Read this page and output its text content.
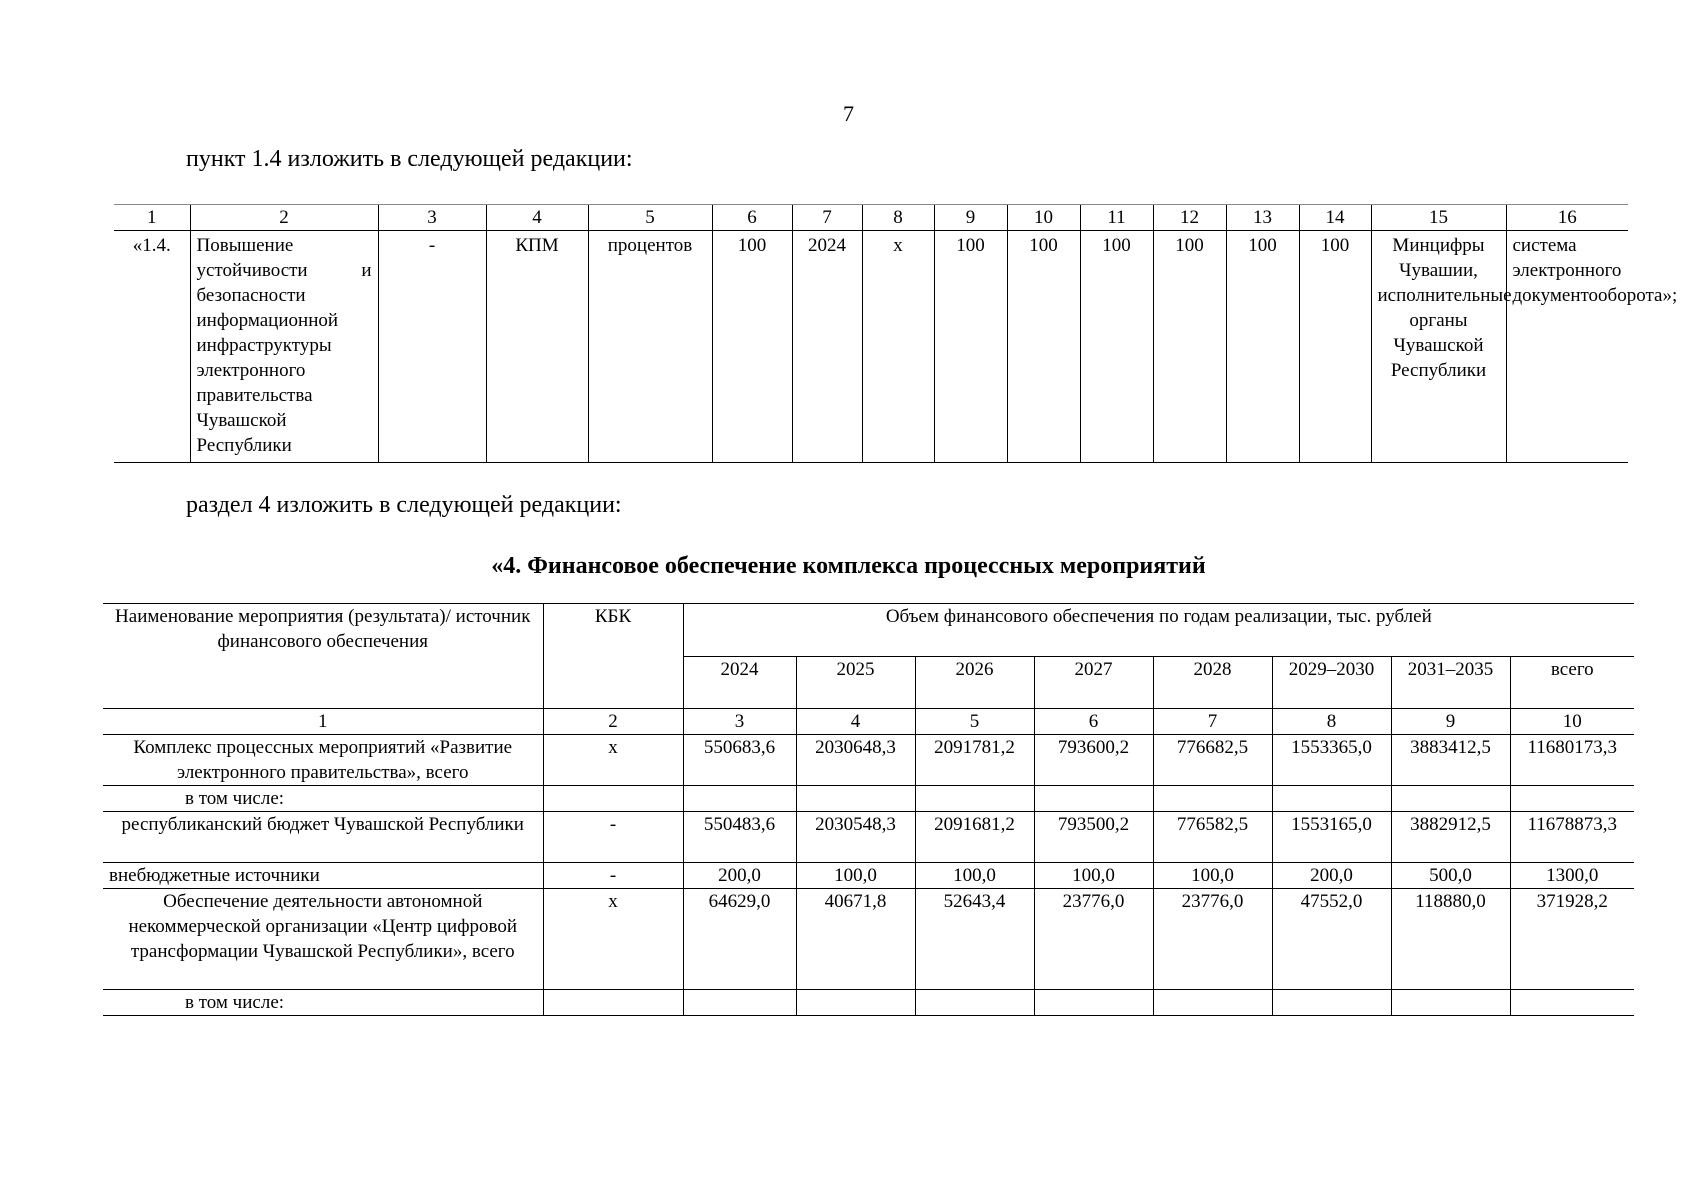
7
пункт 1.4 изложить в следующей редакции:
1	2	3	4	5	6	7	8	9	10	11	12	13	14	15	16
«1.4.	Повышение устойчивости и безопасности информационной инфраструктуры электронного правительства Чувашской Республики	-	КПМ	процентов	100	2024	х	100	100	100	100	100	100	Минцифры Чувашии, исполнительные органы Чувашской Республики	система электронного документооборота»;
раздел 4 изложить в следующей редакции:
«4. Финансовое обеспечение комплекса процессных мероприятий
Наименование мероприятия (результата)/ источник финансового обеспечения	КБК	Объем финансового обеспечения по годам реализации, тыс. рублей							
		2024	2025	2026	2027	2028	2029–2030	2031–2035	всего
1	2	3	4	5	6	7	8	9	10
Комплекс процессных мероприятий «Развитие электронного правительства», всего	х	550683,6	2030648,3	2091781,2	793600,2	776682,5	1553365,0	3883412,5	11680173,3
в том числе:									
республиканский бюджет Чувашской Республики	-	550483,6	2030548,3	2091681,2	793500,2	776582,5	1553165,0	3882912,5	11678873,3
внебюджетные источники	-	200,0	100,0	100,0	100,0	100,0	200,0	500,0	1300,0
Обеспечение деятельности автономной некоммерческой организации «Центр цифровой трансформации Чувашской Республики», всего	х	64629,0	40671,8	52643,4	23776,0	23776,0	47552,0	118880,0	371928,2
в том числе:									
